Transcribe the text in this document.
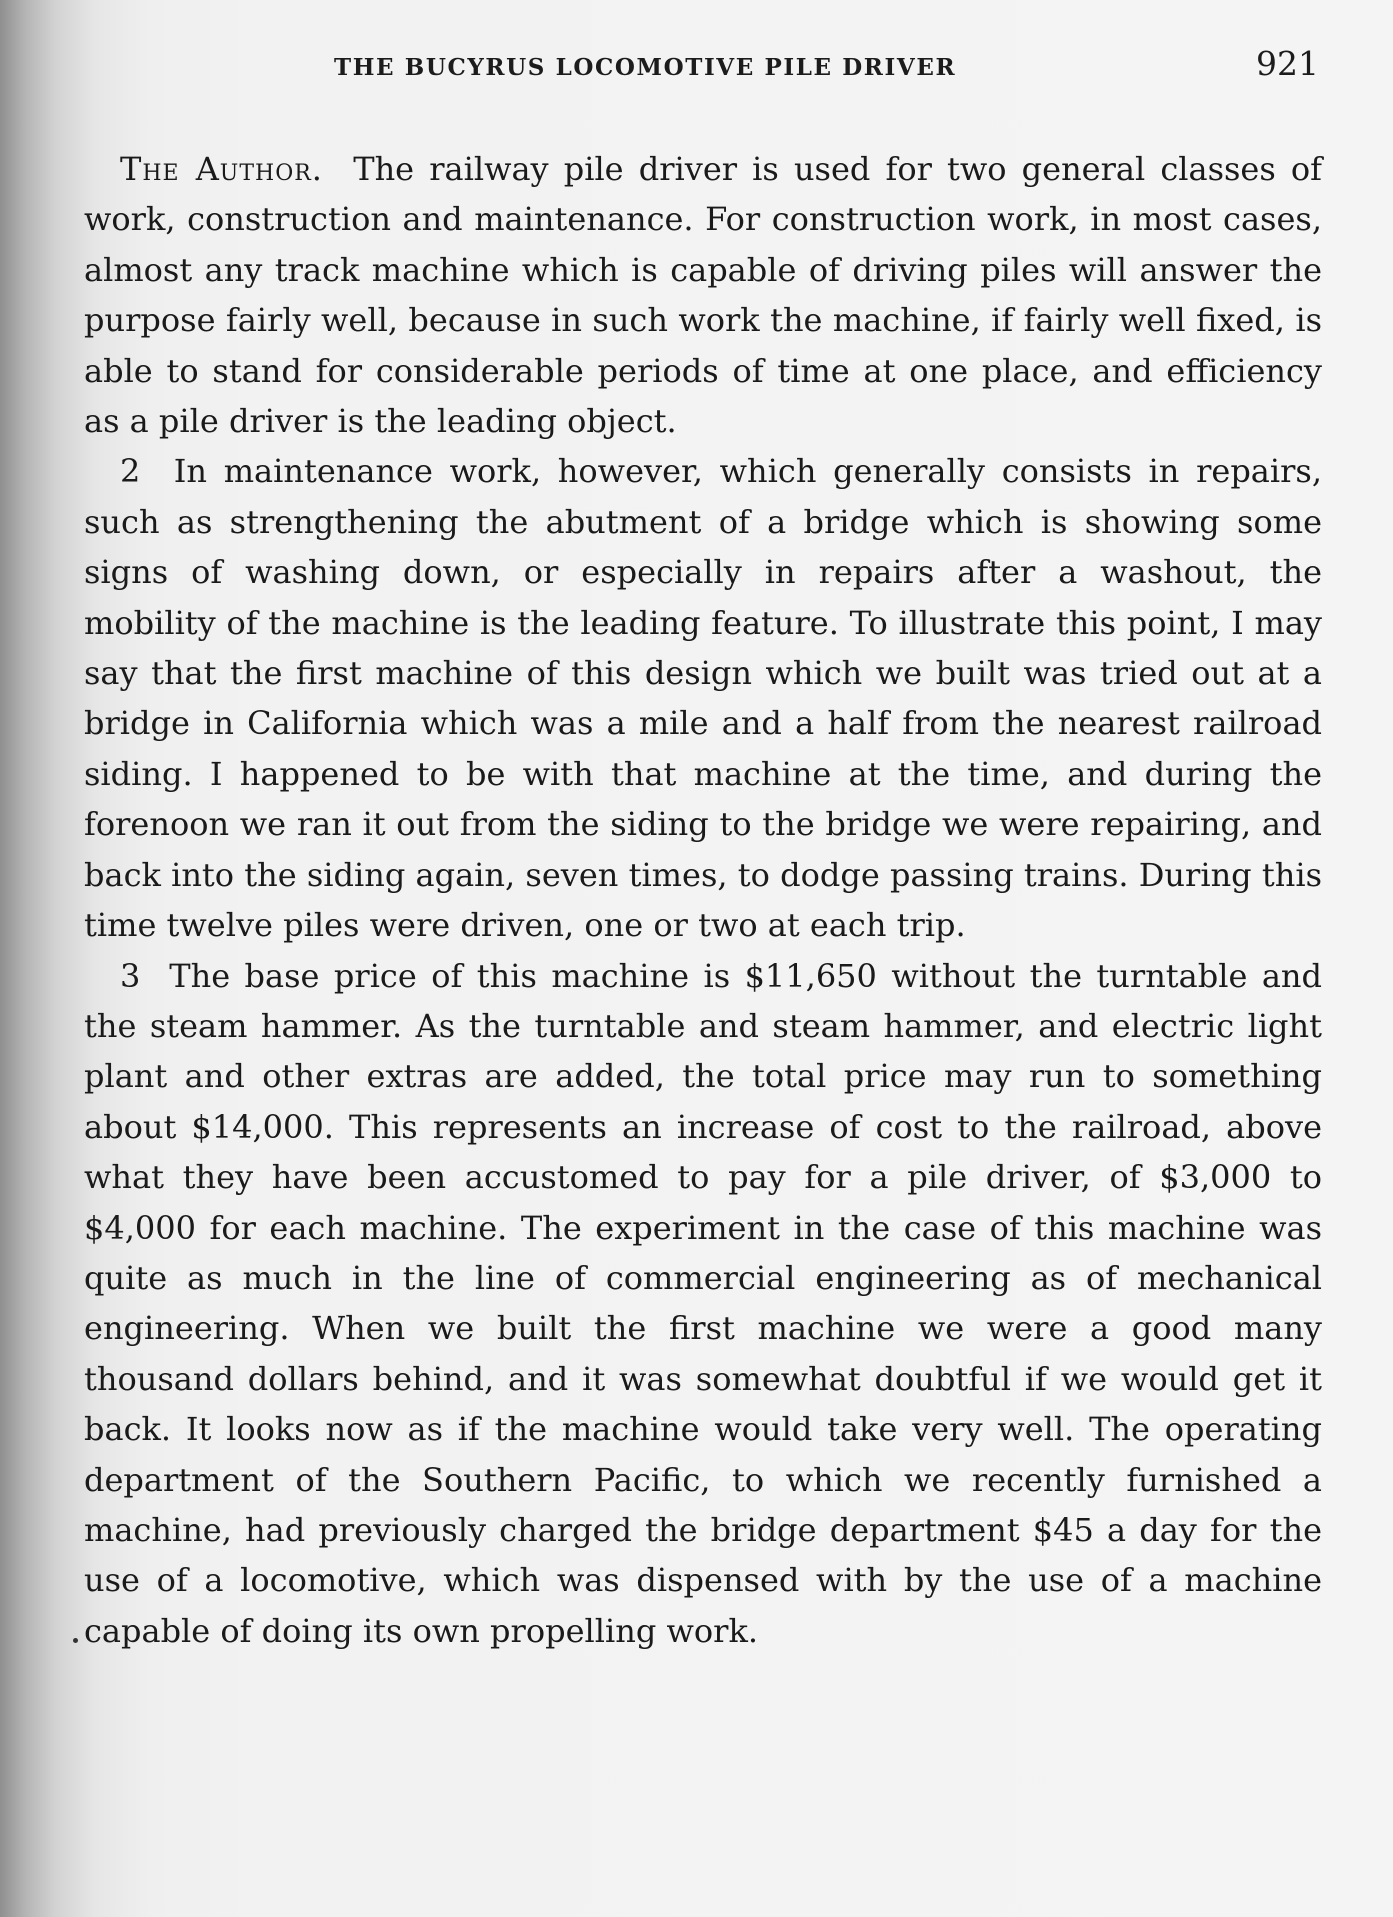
THE BUCYRUS LOCOMOTIVE PILE DRIVER	921

The Author. The railway pile driver is used for two general classes of work, construction and maintenance. For construction work, in most cases, almost any track machine which is capable of driving piles will answer the purpose fairly well, because in such work the machine, if fairly well fixed, is able to stand for considerable periods of time at one place, and efficiency as a pile driver is the leading object.

2 In maintenance work, however, which generally consists in repairs, such as strengthening the abutment of a bridge which is showing some signs of washing down, or especially in repairs after a washout, the mobility of the machine is the leading feature. To illustrate this point, I may say that the first machine of this design which we built was tried out at a bridge in California which was a mile and a half from the nearest railroad siding. I happened to be with that machine at the time, and during the forenoon we ran it out from the siding to the bridge we were repairing, and back into the siding again, seven times, to dodge passing trains. During this time twelve piles were driven, one or two at each trip.

3 The base price of this machine is $11,650 without the turntable and the steam hammer. As the turntable and steam hammer, and electric light plant and other extras are added, the total price may run to something about $14,000. This represents an increase of cost to the railroad, above what they have been accustomed to pay for a pile driver, of $3,000 to $4,000 for each machine. The experiment in the case of this machine was quite as much in the line of commercial engineering as of mechanical engineering. When we built the first machine we were a good many thousand dollars behind, and it was somewhat doubtful if we would get it back. It looks now as if the machine would take very well. The operating department of the Southern Pacific, to which we recently furnished a machine, had previously charged the bridge department $45 a day for the use of a locomotive, which was dispensed with by the use of a machine capable of doing its own propelling work.
